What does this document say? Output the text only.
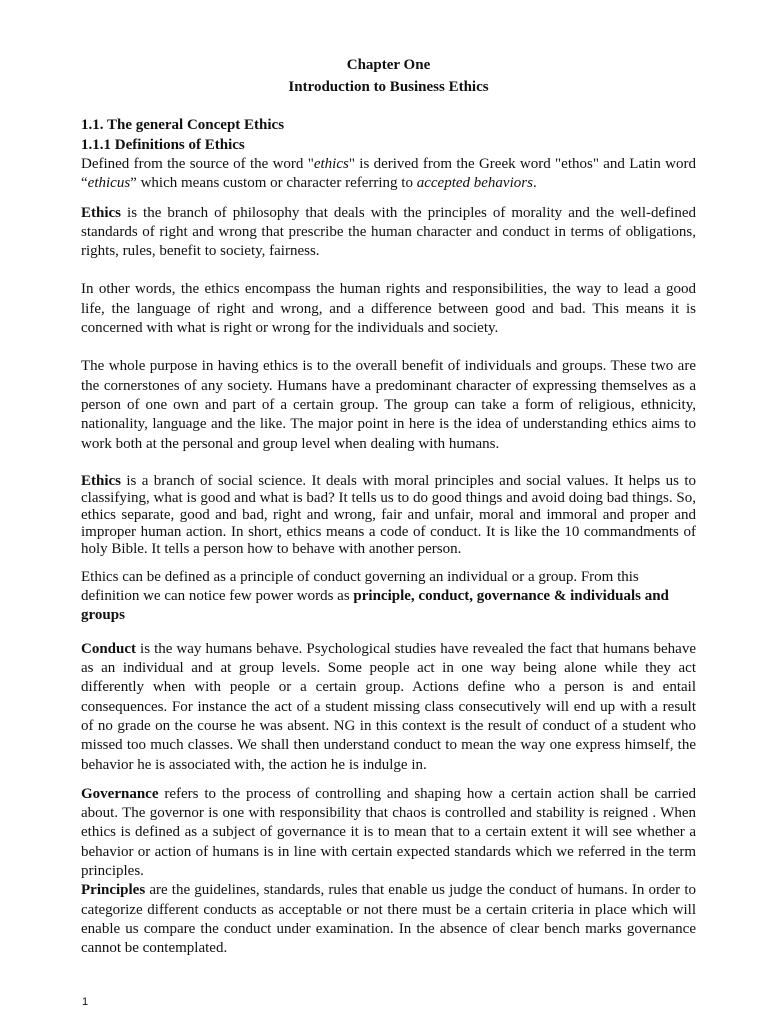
Chapter One
Introduction to Business Ethics
1.1. The general Concept Ethics
1.1.1 Definitions of Ethics

Defined from the source of the word "ethics" is derived from the Greek word "ethos" and Latin word “ethicus” which means custom or character referring to accepted behaviors.

Ethics is the branch of philosophy that deals with the principles of morality and the well-defined standards of right and wrong that prescribe the human character and conduct in terms of obligations, rights, rules, benefit to society, fairness.

In other words, the ethics encompass the human rights and responsibilities, the way to lead a good life, the language of right and wrong, and a difference between good and bad. This means it is concerned with what is right or wrong for the individuals and society.

The whole purpose in having ethics is to the overall benefit of individuals and groups. These two are the cornerstones of any society. Humans have a predominant character of expressing themselves as a person of one own and part of a certain group. The group can take a form of religious, ethnicity, nationality, language and the like. The major point in here is the idea of understanding ethics aims to work both at the personal and group level when dealing with humans.

Ethics is a branch of social science. It deals with moral principles and social values. It helps us to classifying, what is good and what is bad? It tells us to do good things and avoid doing bad things. So, ethics separate, good and bad, right and wrong, fair and unfair, moral and immoral and proper and improper human action. In short, ethics means a code of conduct. It is like the 10 commandments of holy Bible. It tells a person how to behave with another person.

Ethics can be defined as a principle of conduct governing an individual or a group. From this definition we can notice few power words as principle, conduct, governance & individuals and groups

Conduct is the way humans behave. Psychological studies have revealed the fact that humans behave as an individual and at group levels. Some people act in one way being alone while they act differently when with people or a certain group. Actions define who a person is and entail consequences. For instance the act of a student missing class consecutively will end up with a result of no grade on the course he was absent. NG in this context is the result of conduct of a student who missed too much classes. We shall then understand conduct to mean the way one express himself, the behavior he is associated with, the action he is indulge in.

Governance refers to the process of controlling and shaping how a certain action shall be carried about. The governor is one with responsibility that chaos is controlled and stability is reigned . When ethics is defined as a subject of governance it is to mean that to a certain extent it will see whether a behavior or action of humans is in line with certain expected standards which we referred in the term principles.

Principles are the guidelines, standards, rules that enable us judge the conduct of humans. In order to categorize different conducts as acceptable or not there must be a certain criteria in place which will enable us compare the conduct under examination. In the absence of clear bench marks governance cannot be contemplated.

1
